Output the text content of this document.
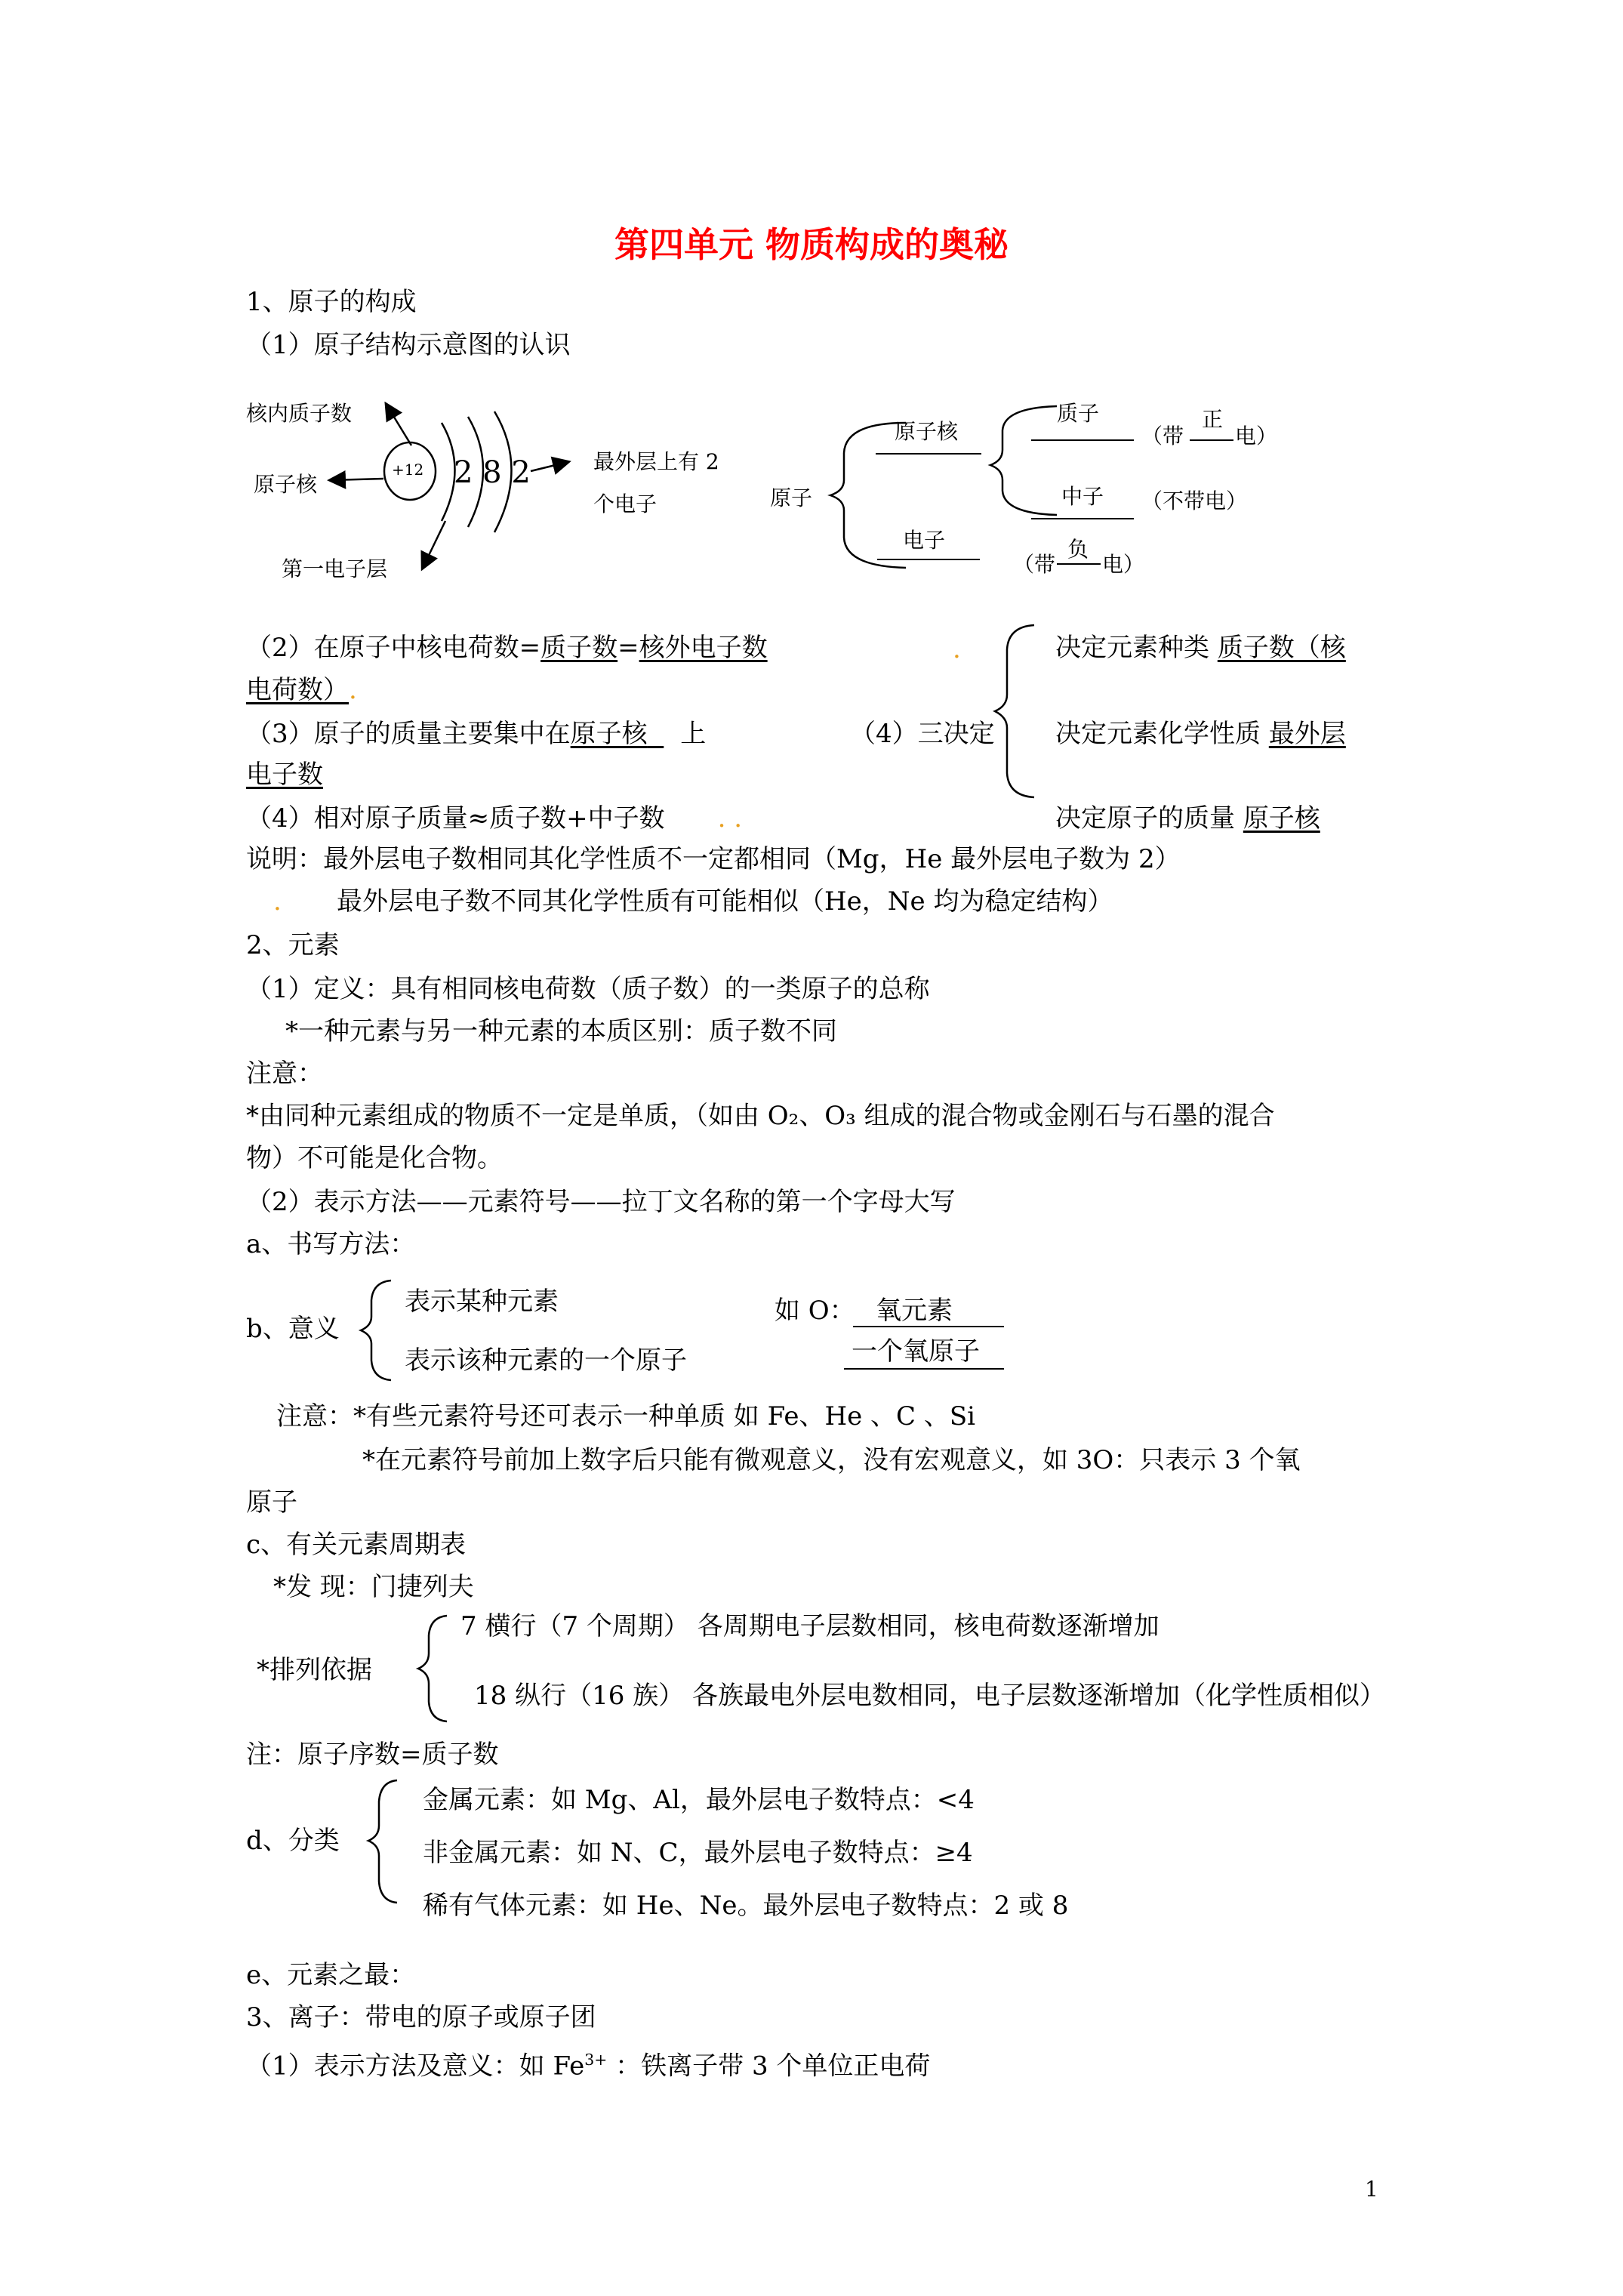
第四单元 物质构成的奥秘
1、原子的构成
（1）原子结构示意图的认识
核内质子数
原子核
第一电子层
+12 2 8 2	最外层上有 2
个电子	原子
原子核
质子
（带
正
电）
中子 （不带电）
电子
（带
负
电）
（2）在原子中核电荷数=质子数=核外电子数
电荷数）.
（3）原子的质量主要集中在原子核 上
电子数
（4）相对原子质量≈质子数+中子数 . .
.
（4）三决定
决定元素种类 质子数（核
决定元素化学性质 最外层
决定原子的质量 原子核
说明：最外层电子数相同其化学性质不一定都相同（Mg，He 最外层电子数为 2）
. 最外层电子数不同其化学性质有可能相似（He，Ne 均为稳定结构）
2、元素
（1）定义：具有相同核电荷数（质子数）的一类原子的总称
*一种元素与另一种元素的本质区别：质子数不同
注意：
*由同种元素组成的物质不一定是单质，（如由 O₂、O₃ 组成的混合物或金刚石与石墨的混合
物）不可能是化合物。
（2）表示方法——元素符号——拉丁文名称的第一个字母大写
a、书写方法：
b、意义
表示某种元素
表示该种元素的一个原子
如 O： 氧元素
一个氧原子
注意：*有些元素符号还可表示一种单质 如 Fe、He 、C 、Si
*在元素符号前加上数字后只能有微观意义，没有宏观意义，如 3O：只表示 3 个氧
原子
c、有关元素周期表
*发 现：门捷列夫
*排列依据
7 横行（7 个周期） 各周期电子层数相同，核电荷数逐渐增加
18 纵行（16 族） 各族最电外层电数相同，电子层数逐渐增加（化学性质相似）
注：原子序数=质子数
d、分类
金属元素：如 Mg、Al，最外层电子数特点：<4
非金属元素：如 N、C，最外层电子数特点：≥4
稀有气体元素：如 He、Ne。最外层电子数特点：2 或 8
e、元素之最：
3、离子：带电的原子或原子团
（1）表示方法及意义：如 $Fe^{3+}$ ：铁离子带 3 个单位正电荷
1
